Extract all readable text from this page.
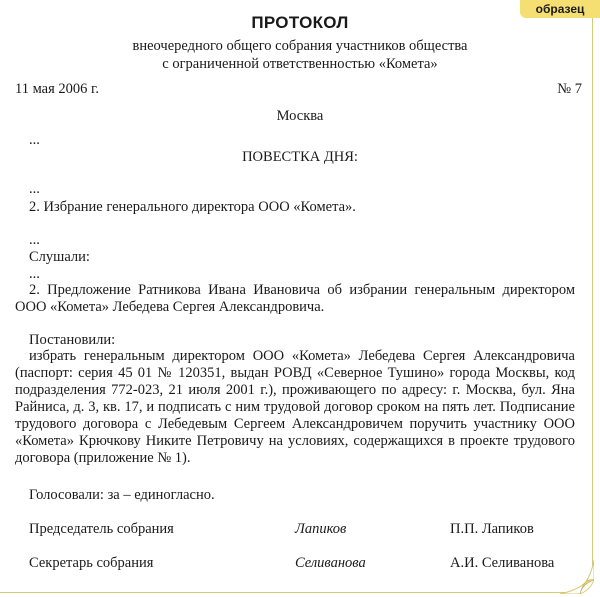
образец
ПРОТОКОЛ
внеочередного общего собрания участников общества
с ограниченной ответственностью «Комета»
11 мая 2006 г.	№ 7
Москва
...
ПОВЕСТКА ДНЯ:
...
2. Избрание генерального директора ООО «Комета».
...
Слушали:
...
2. Предложение Ратникова Ивана Ивановича об избрании генеральным директором ООО «Комета» Лебедева Сергея Александровича.
Постановили:
избрать генеральным директором ООО «Комета» Лебедева Сергея Александровича (паспорт: серия 45 01 № 120351, выдан РОВД «Северное Тушино» города Москвы, код подразделения 772-023, 21 июля 2001 г.), проживающего по адресу: г. Москва, бул. Яна Райниса, д. 3, кв. 17, и подписать с ним трудовой договор сроком на пять лет. Подписание трудового договора с Лебедевым Сергеем Александровичем поручить участнику ООО «Комета» Крючкову Никите Петровичу на условиях, содержащихся в проекте трудового договора (приложение № 1).
Голосовали: за – единогласно.
Председатель собрания	Лапиков	П.П. Лапиков
Секретарь собрания	Селиванова	А.И. Селиванова
